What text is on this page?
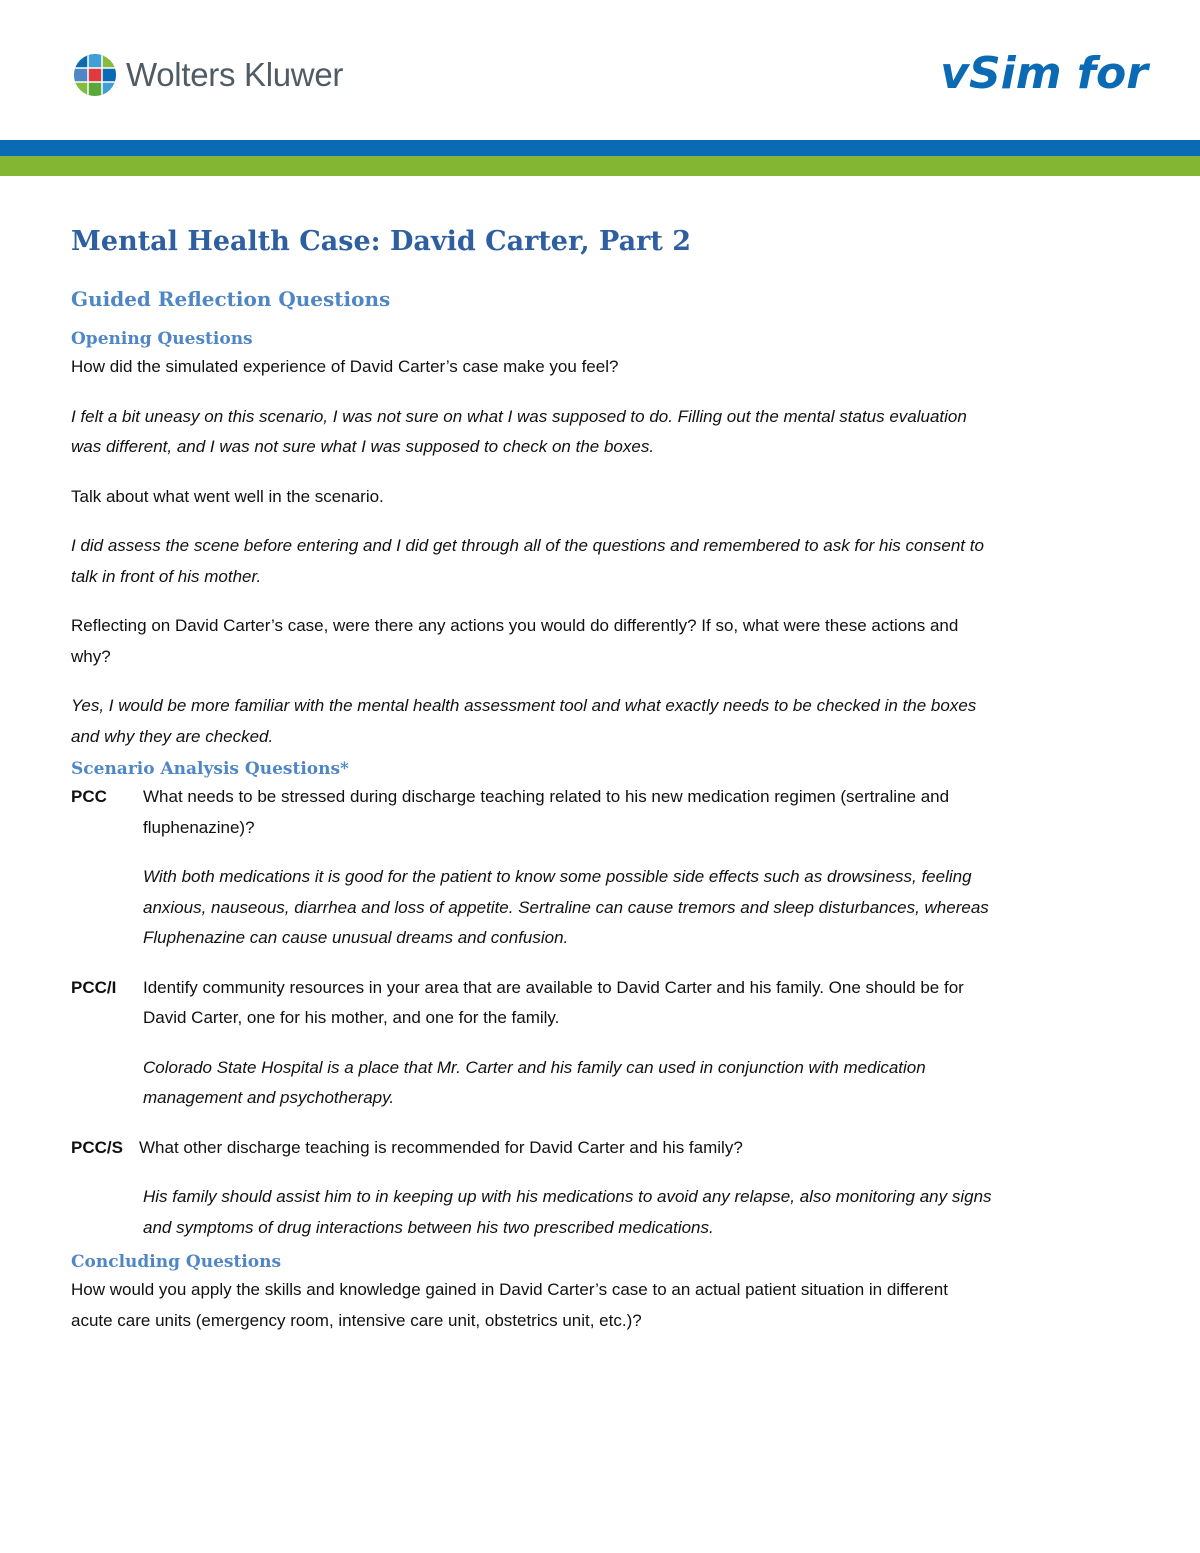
Wolters Kluwer	vSim for
Mental Health Case: David Carter, Part 2
Guided Reflection Questions
Opening Questions

How did the simulated experience of David Carter’s case make you feel?

I felt a bit uneasy on this scenario, I was not sure on what I was supposed to do. Filling out the mental status evaluation

was different, and I was not sure what I was supposed to check on the boxes.

Talk about what went well in the scenario.

I did assess the scene before entering and I did get through all of the questions and remembered to ask for his consent to

talk in front of his mother.

Reflecting on David Carter’s case, were there any actions you would do differently? If so, what were these actions and

why?

Yes, I would be more familiar with the mental health assessment tool and what exactly needs to be checked in the boxes

and why they are checked.

Scenario Analysis Questions*
PCC	What needs to be stressed during discharge teaching related to his new medication regimen (sertraline and

fluphenazine)?

With both medications it is good for the patient to know some possible side effects such as drowsiness, feeling

anxious, nauseous, diarrhea and loss of appetite. Sertraline can cause tremors and sleep disturbances, whereas

Fluphenazine can cause unusual dreams and confusion.

PCC/I	Identify community resources in your area that are available to David Carter and his family. One should be for

David Carter, one for his mother, and one for the family.

Colorado State Hospital is a place that Mr. Carter and his family can used in conjunction with medication

management and psychotherapy.

PCC/S What other discharge teaching is recommended for David Carter and his family?

His family should assist him to in keeping up with his medications to avoid any relapse, also monitoring any signs

and symptoms of drug interactions between his two prescribed medications.

Concluding Questions

How would you apply the skills and knowledge gained in David Carter’s case to an actual patient situation in different

acute care units (emergency room, intensive care unit, obstetrics unit, etc.)?
